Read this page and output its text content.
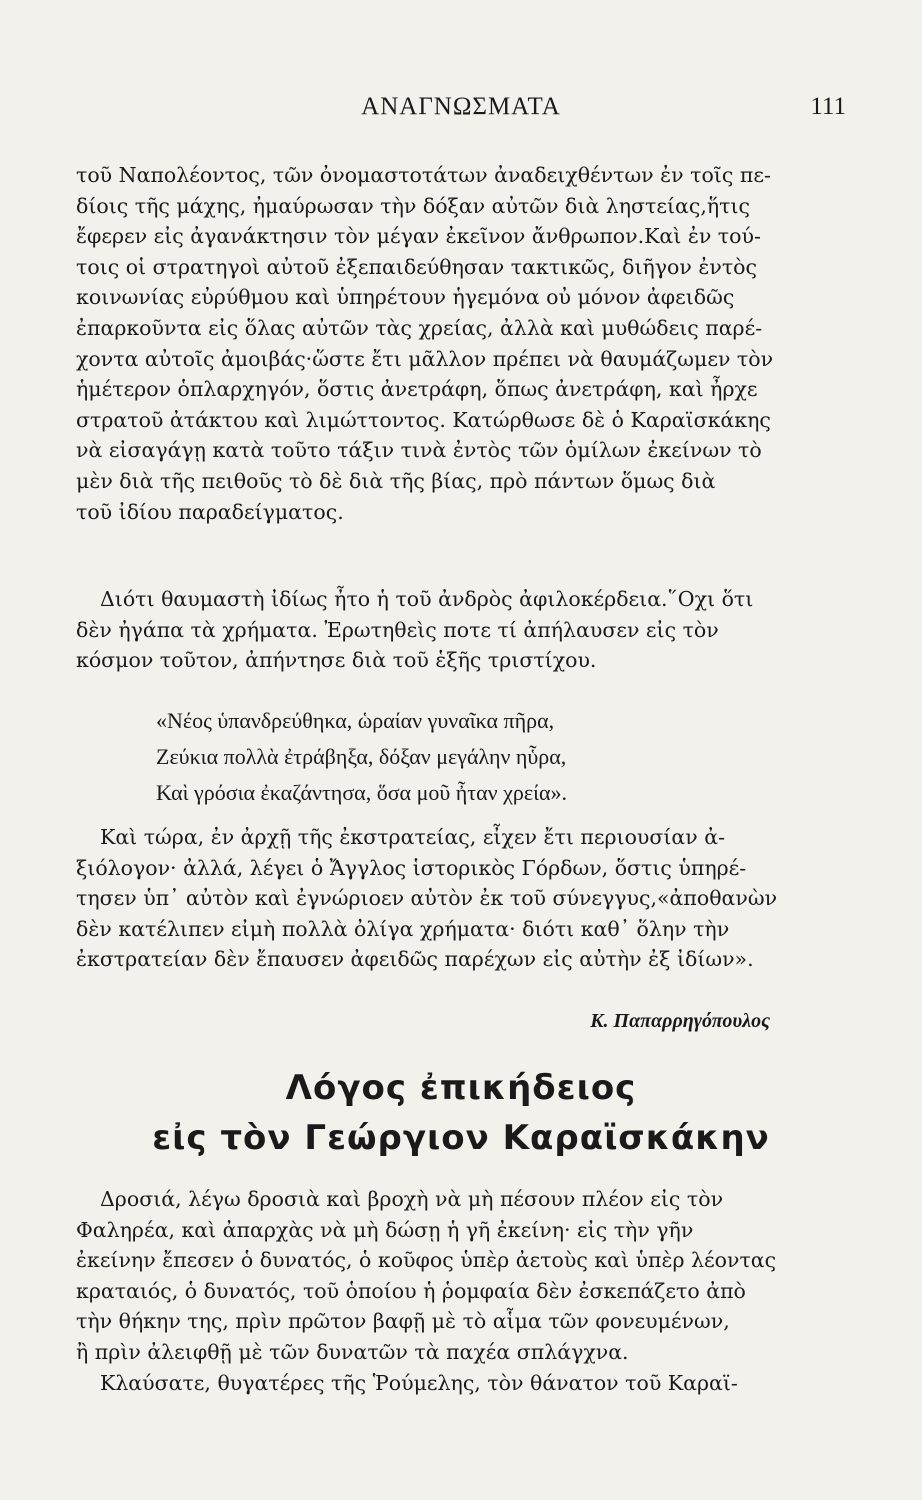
ΑΝΑΓΝΩΣΜΑΤΑ	111

τοῦ Ναπολέοντος, τῶν ὀνομαστοτάτων ἀναδειχθέντων ἐν τοῖς πε-
δίοις τῆς μάχης, ἠμαύρωσαν τὴν δόξαν αὐτῶν διὰ ληστείας,ἥτις
ἔφερεν εἰς ἀγανάκτησιν τὸν μέγαν ἐκεῖνον ἄνθρωπον.Καὶ ἐν τού-
τοις οἱ στρατηγοὶ αὐτοῦ ἐξεπαιδεύθησαν τακτικῶς, διῆγον ἐντὸς
κοινωνίας εὐρύθμου καὶ ὑπηρέτουν ἡγεμόνα οὐ μόνον ἀφειδῶς
ἐπαρκοῦντα εἰς ὅλας αὐτῶν τὰς χρείας, ἀλλὰ καὶ μυθώδεις παρέ-
χοντα αὐτοῖς ἀμοιβάς·ὥστε ἔτι μᾶλλον πρέπει νὰ θαυμάζωμεν τὸν
ἡμέτερον ὁπλαρχηγόν, ὅστις ἀνετράφη, ὅπως ἀνετράφη, καὶ ἦρχε
στρατοῦ ἀτάκτου καὶ λιμώττοντος. Κατώρθωσε δὲ ὁ Καραϊσκάκης
νὰ εἰσαγάγῃ κατὰ τοῦτο τάξιν τινὰ ἐντὸς τῶν ὁμίλων ἐκείνων τὸ
μὲν διὰ τῆς πειθοῦς τὸ δὲ διὰ τῆς βίας, πρὸ πάντων ὅμως διὰ
τοῦ ἰδίου παραδείγματος.

Διότι θαυμαστὴ ἰδίως ἦτο ἡ τοῦ ἀνδρὸς ἀφιλοκέρδεια.῞Οχι ὅτι
δὲν ἠγάπα τὰ χρήματα. Ἐρωτηθεὶς ποτε τί ἀπήλαυσεν εἰς τὸν
κόσμον τοῦτον, ἀπήντησε διὰ τοῦ ἑξῆς τριστίχου.

«Νέος ὑπανδρεύθηκα, ὡραίαν γυναῖκα πῆρα,
Ζεύκια πολλὰ ἐτράβηξα, δόξαν μεγάλην ηὗρα,
Καὶ γρόσια ἐκαζάντησα, ὅσα μοῦ ἦταν χρεία».

Καὶ τώρα, ἐν ἀρχῇ τῆς ἐκστρατείας, εἶχεν ἔτι περιουσίαν ἀ-
ξιόλογον· ἀλλά, λέγει ὁ Ἄγγλος ἱστορικὸς Γόρδων, ὅστις ὑπηρέ-
τησεν ὑπ᾿ αὐτὸν καὶ ἐγνώριοεν αὐτὸν ἐκ τοῦ σύνεγγυς,«ἀποθανὼν
δὲν κατέλιπεν εἰμὴ πολλὰ ὀλίγα χρήματα· διότι καθ᾿ ὅλην τὴν
ἐκστρατείαν δὲν ἔπαυσεν ἀφειδῶς παρέχων εἰς αὐτὴν ἐξ ἰδίων».

Κ. Παπαρρηγόπουλος
Λόγος ἐπικήδειος
εἰς τὸν Γεώργιον Καραϊσκάκην

Δροσιά, λέγω δροσιὰ καὶ βροχὴ νὰ μὴ πέσουν πλέον εἰς τὸν
Φαληρέα, καὶ ἀπαρχὰς νὰ μὴ δώσῃ ἡ γῆ ἐκείνη· εἰς τὴν γῆν
ἐκείνην ἔπεσεν ὁ δυνατός, ὁ κοῦφος ὑπὲρ ἀετοὺς καὶ ὑπὲρ λέοντας
κραταιός, ὁ δυνατός, τοῦ ὁποίου ἡ ῥομφαία δὲν ἐσκεπάζετο ἀπὸ
τὴν θήκην της, πρὶν πρῶτον βαφῇ μὲ τὸ αἷμα τῶν φονευμένων,
ἢ πρὶν ἀλειφθῇ μὲ τῶν δυνατῶν τὰ παχέα σπλάγχνα.

Κλαύσατε, θυγατέρες τῆς Ῥούμελης, τὸν θάνατον τοῦ Καραϊ-
